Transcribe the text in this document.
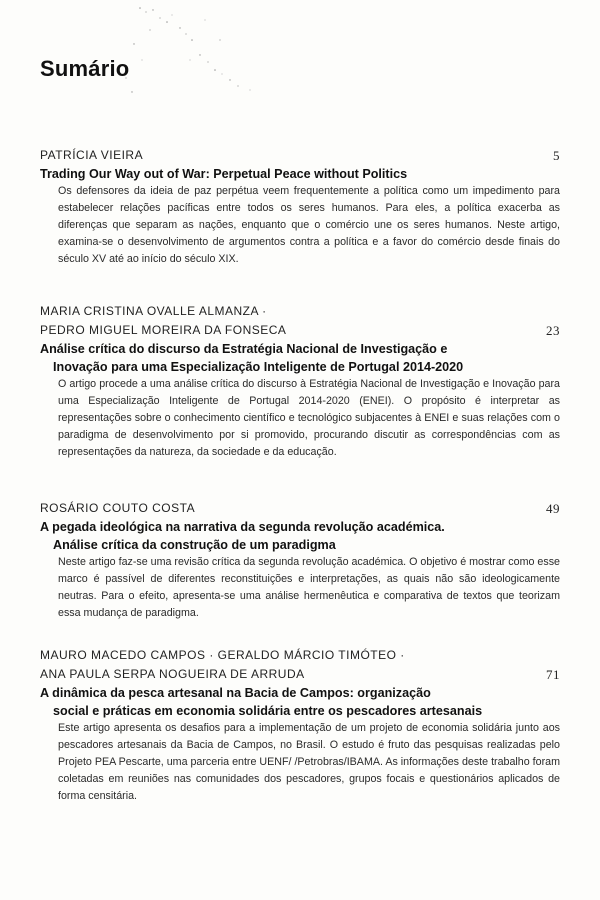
Sumário
PATRÍCIA VIEIRA	5
Trading Our Way out of War: Perpetual Peace without Politics
Os defensores da ideia de paz perpétua veem frequentemente a política como um impedimento para estabelecer relações pacíficas entre todos os seres humanos. Para eles, a política exacerba as diferenças que separam as nações, enquanto que o comércio une os seres humanos. Neste artigo, examina-se o desenvolvimento de argumentos contra a política e a favor do comércio desde finais do século XV até ao início do século XIX.
MARIA CRISTINA OVALLE ALMANZA ·
PEDRO MIGUEL MOREIRA DA FONSECA	23
Análise crítica do discurso da Estratégia Nacional de Investigação e
Inovação para uma Especialização Inteligente de Portugal 2014-2020
O artigo procede a uma análise crítica do discurso à Estratégia Nacional de Investigação e Inovação para uma Especialização Inteligente de Portugal 2014-2020 (ENEI). O propósito é interpretar as representações sobre o conhecimento científico e tecnológico subjacentes à ENEI e suas relações com o paradigma de desenvolvimento por si promovido, procurando discutir as correspondências com as representações da natureza, da sociedade e da educação.
ROSÁRIO COUTO COSTA	49
A pegada ideológica na narrativa da segunda revolução académica.
Análise crítica da construção de um paradigma
Neste artigo faz-se uma revisão crítica da segunda revolução académica. O objetivo é mostrar como esse marco é passível de diferentes reconstituições e interpretações, as quais não são ideologicamente neutras. Para o efeito, apresenta-se uma análise hermenêutica e comparativa de textos que teorizam essa mudança de paradigma.
MAURO MACEDO CAMPOS · GERALDO MÁRCIO TIMÓTEO ·
ANA PAULA SERPA NOGUEIRA DE ARRUDA	71
A dinâmica da pesca artesanal na Bacia de Campos: organização
social e práticas em economia solidária entre os pescadores artesanais
Este artigo apresenta os desafios para a implementação de um projeto de economia solidária junto aos pescadores artesanais da Bacia de Campos, no Brasil. O estudo é fruto das pesquisas realizadas pelo Projeto PEA Pescarte, uma parceria entre UENF/ /Petrobras/IBAMA. As informações deste trabalho foram coletadas em reuniões nas comunidades dos pescadores, grupos focais e questionários aplicados de forma censitária.
